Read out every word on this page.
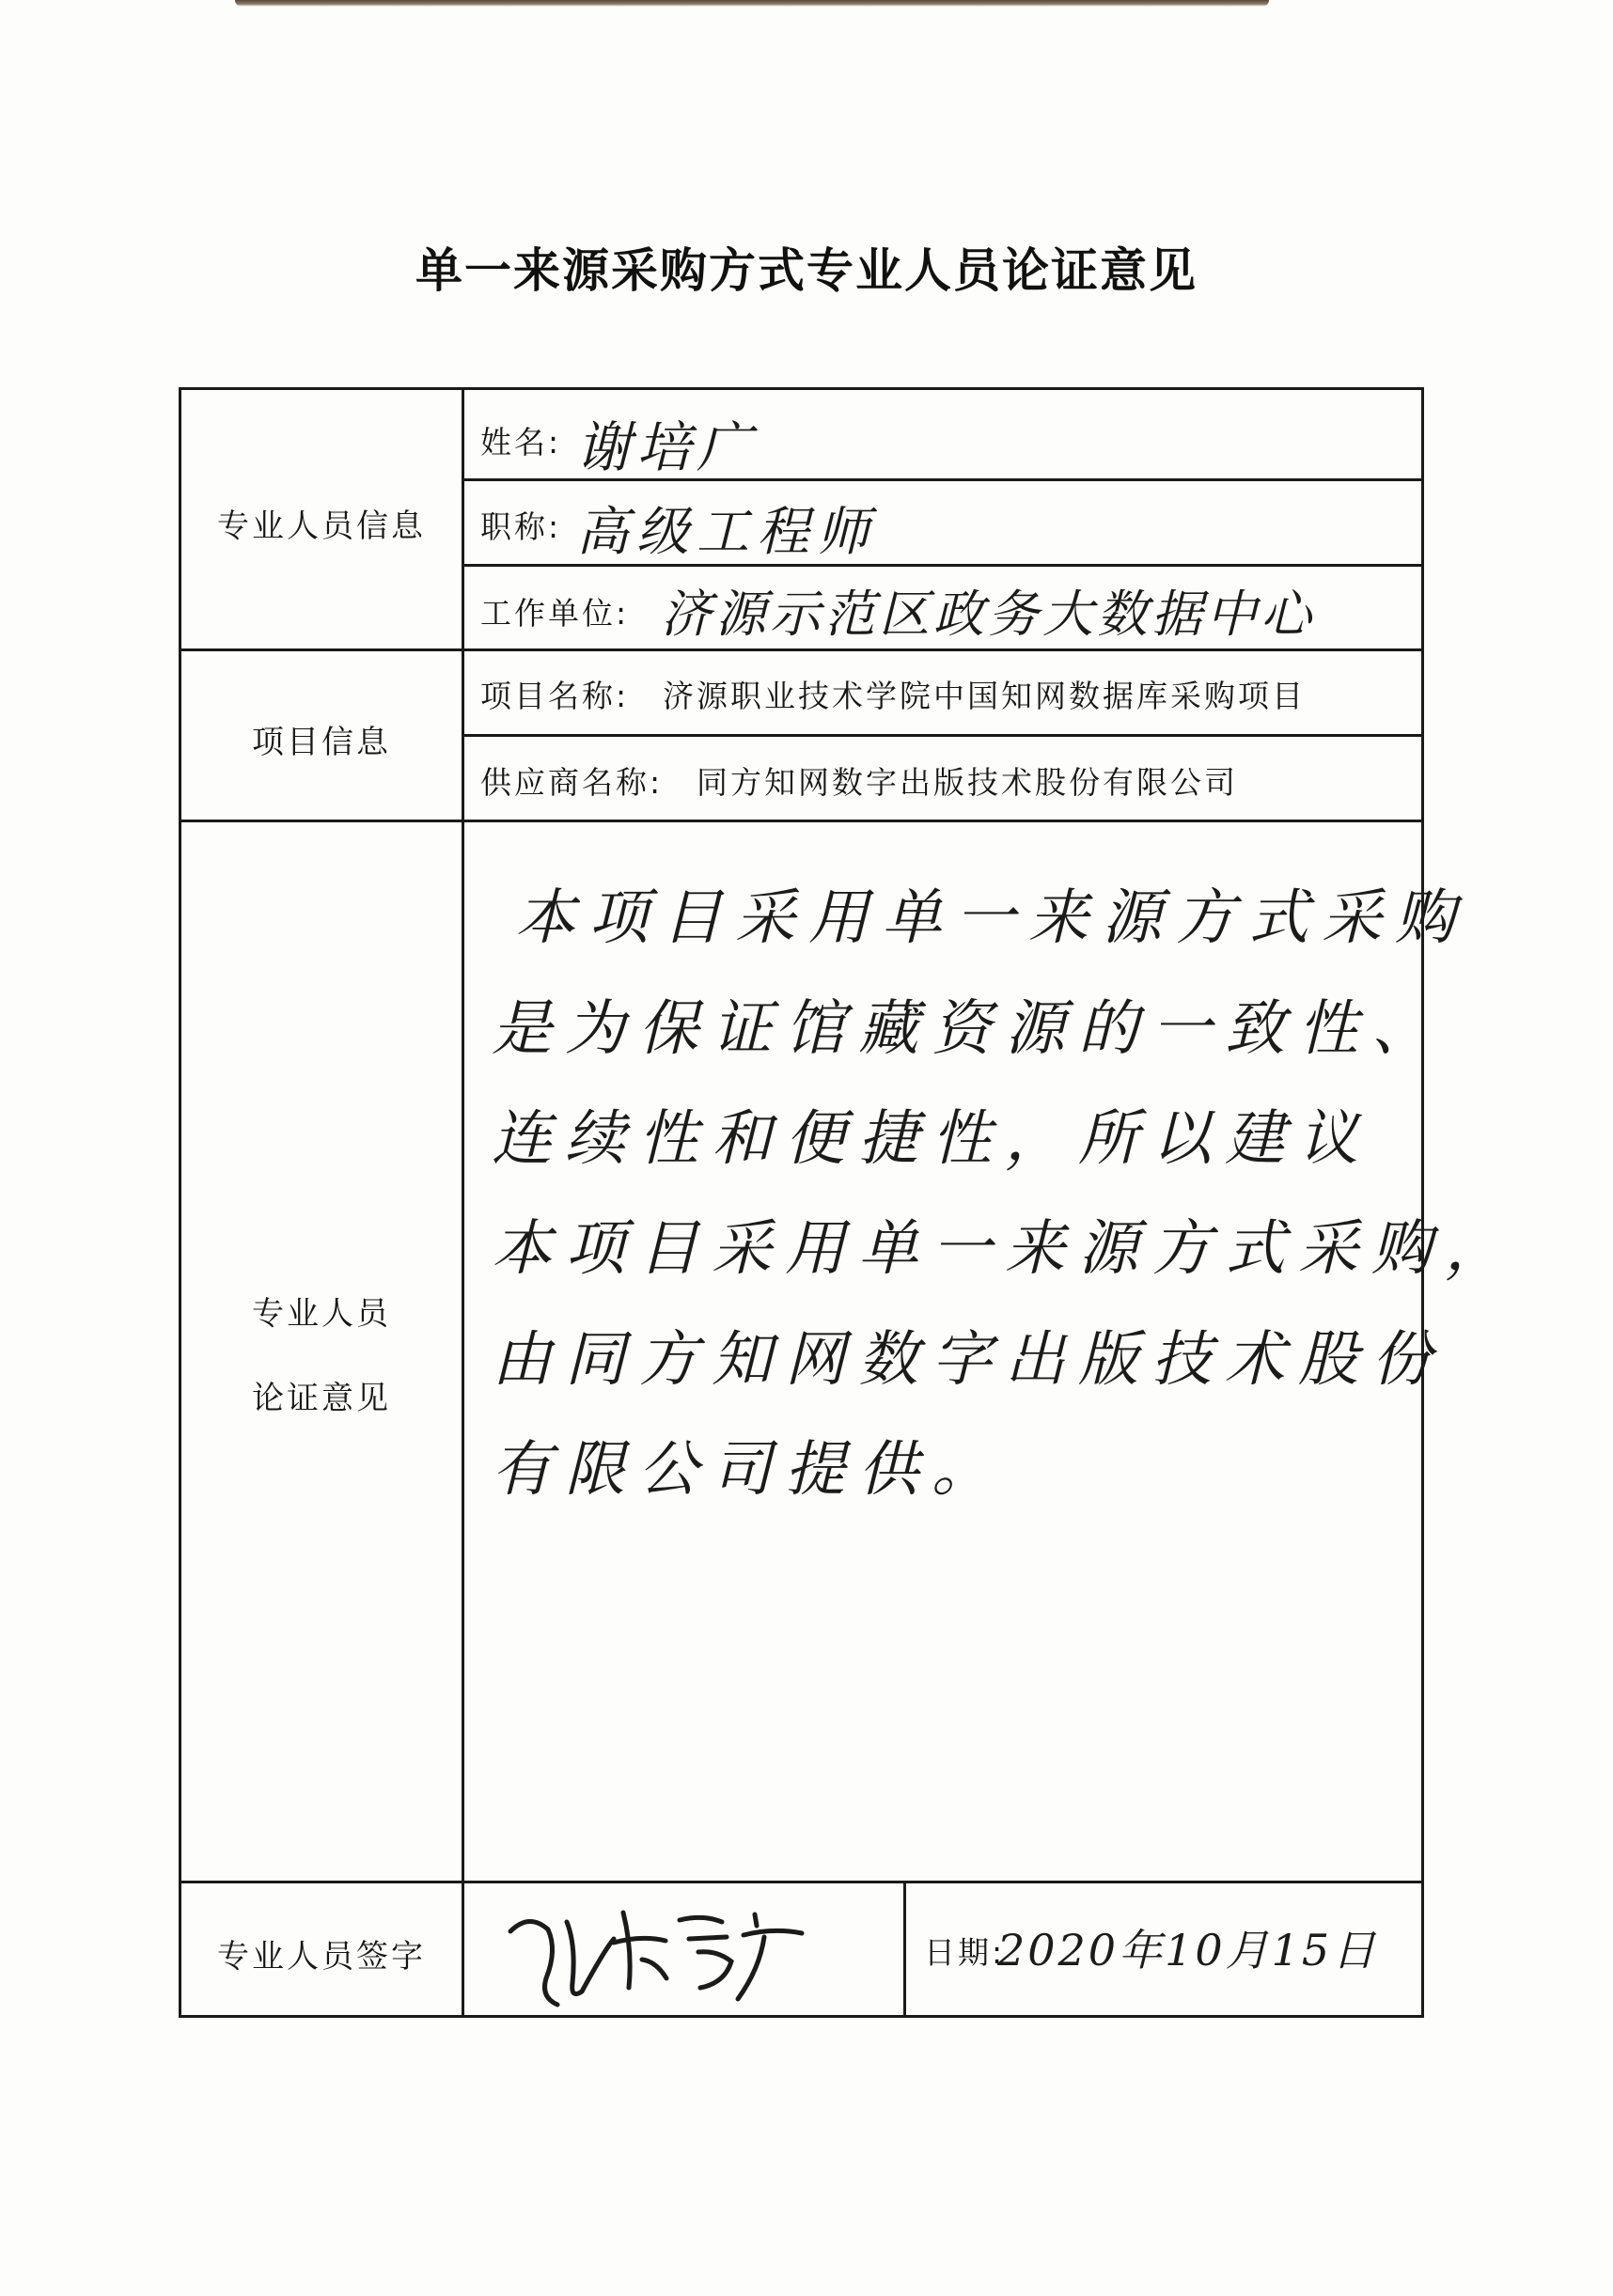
单一来源采购方式专业人员论证意见
专业人员信息
项目信息
专业人员
论证意见
专业人员签字
姓名: 谢培广
职称: 高级工程师
工作单位: 济源示范区政务大数据中心
项目名称: 济源职业技术学院中国知网数据库采购项目
供应商名称: 同方知网数字出版技术股份有限公司
本项目采用单一来源方式采购
是为保证馆藏资源的一致性、
连续性和便捷性，所以建议
本项目采用单一来源方式采购，
由同方知网数字出版技术股份
有限公司提供。
日期:
2020年10月15日
